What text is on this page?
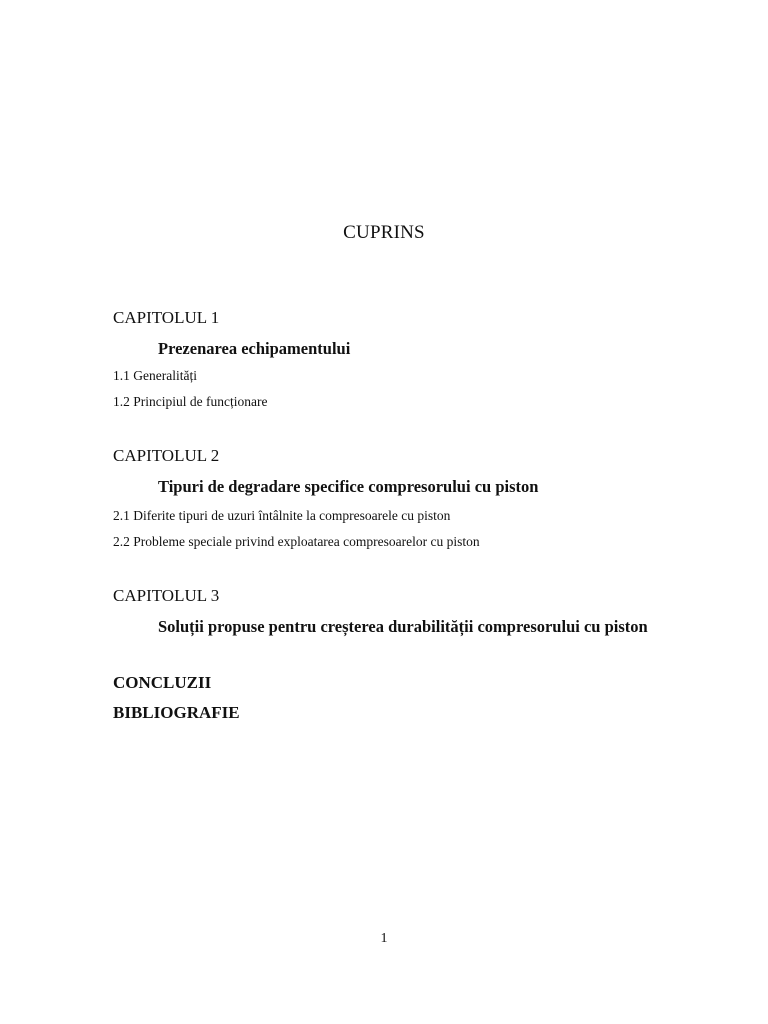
CUPRINS
CAPITOLUL 1
Prezenarea echipamentului
1.1 Generalități
1.2 Principiul de funcționare
CAPITOLUL 2
Tipuri de degradare specifice compresorului cu piston
2.1 Diferite tipuri de uzuri întâlnite la compresoarele cu piston
2.2 Probleme speciale privind exploatarea compresoarelor cu piston
CAPITOLUL 3
Soluții propuse pentru creșterea durabilității compresorului cu piston
CONCLUZII
BIBLIOGRAFIE
1
